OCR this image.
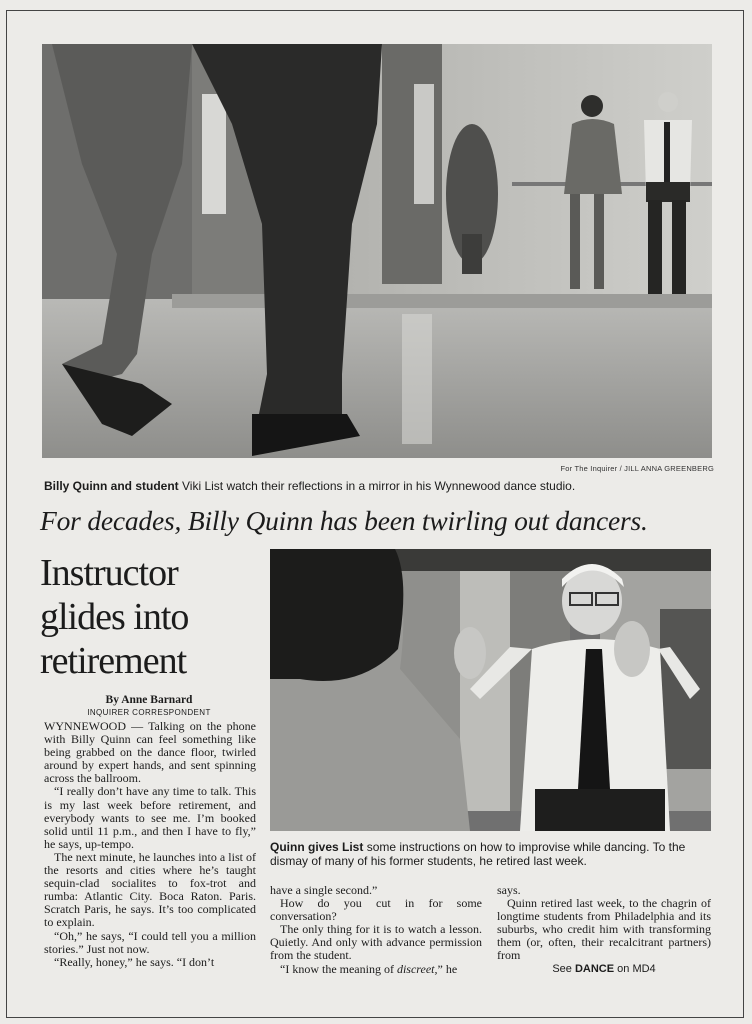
For The Inquirer / JILL ANNA GREENBERG
Billy Quinn and student Viki List watch their reflections in a mirror in his Wynnewood dance studio.
For decades, Billy Quinn has been twirling out dancers.
Instructor
glides into
retirement
By Anne Barnard
INQUIRER CORRESPONDENT
Quinn gives List some instructions on how to improvise while dancing. To the dismay of many of his former students, he retired last week.

WYNNEWOOD — Talking on the phone with Billy Quinn can feel something like being grabbed on the dance floor, twirled around by expert hands, and sent spinning across the ballroom.

“I really don’t have any time to talk. This is my last week before retirement, and everybody wants to see me. I’m booked solid until 11 p.m., and then I have to fly,” he says, up-tempo.

The next minute, he launches into a list of the resorts and cities where he’s taught sequin-clad socialites to fox-trot and rumba: Atlantic City. Boca Raton. Paris. Scratch Paris, he says. It’s too complicated to explain.

“Oh,” he says, “I could tell you a million stories.” Just not now.

“Really, honey,” he says. “I don’t

have a single second.”

How do you cut in for some conversation?

The only thing for it is to watch a lesson. Quietly. And only with advance permission from the student.

“I know the meaning of discreet,” he

says.

Quinn retired last week, to the chagrin of longtime students from Philadelphia and its suburbs, who credit him with transforming them (or, often, their recalcitrant partners) from

See DANCE on MD4
